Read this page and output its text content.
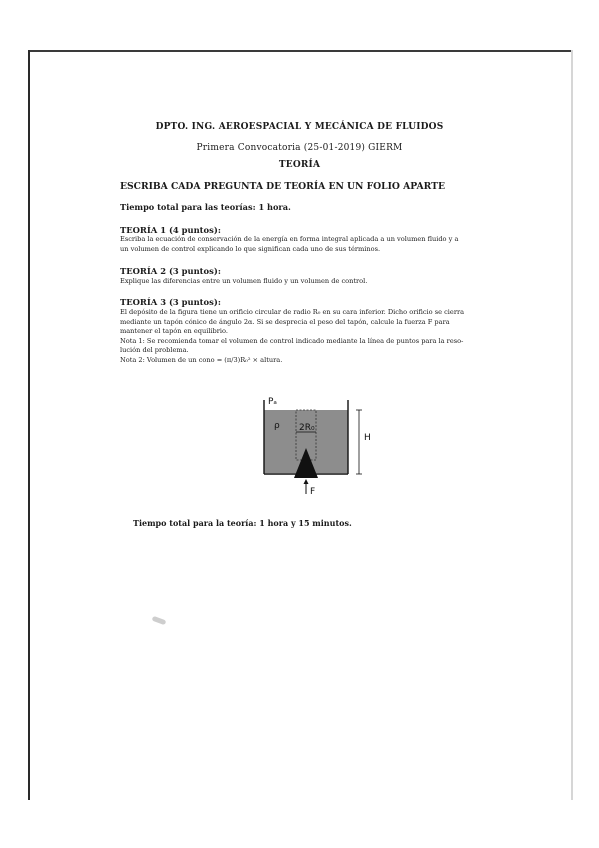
DPTO. ING. AEROESPACIAL Y MECÁNICA DE FLUIDOS
Primera Convocatoria (25-01-2019) GIERM
TEORÍA
ESCRIBA CADA PREGUNTA DE TEORÍA EN UN FOLIO APARTE
Tiempo total para las teorías: 1 hora.
TEORÍA 1 (4 puntos):
Escriba la ecuación de conservación de la energía en forma integral aplicada a un volumen fluido y a
un volumen de control explicando lo que significan cada uno de sus términos.
TEORÍA 2 (3 puntos):
Explique las diferencias entre un volumen fluido y un volumen de control.
TEORÍA 3 (3 puntos):
El depósito de la figura tiene un orificio circular de radio R₀ en su cara inferior. Dicho orificio se cierra
mediante un tapón cónico de ángulo 2α. Si se desprecia el peso del tapón, calcule la fuerza F para
mantener el tapón en equilibrio.
Nota 1: Se recomienda tomar el volumen de control indicado mediante la línea de puntos para la reso-
lución del problema.
Nota 2: Volumen de un cono = (π/3)R₀² × altura.
Pₐ
ρ 2R₀
H
F
Tiempo total para la teoría: 1 hora y 15 minutos.
